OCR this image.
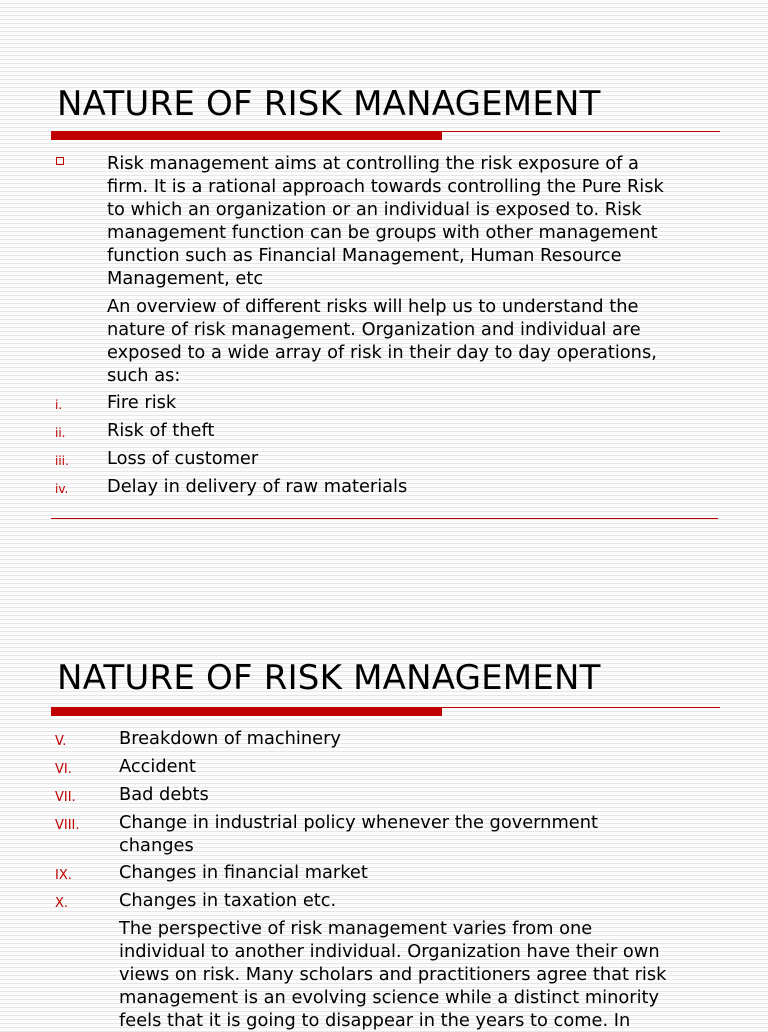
NATURE OF RISK MANAGEMENT

Risk management aims at controlling the risk exposure of a
firm. It is a rational approach towards controlling the Pure Risk
to which an organization or an individual is exposed to. Risk
management function can be groups with other management
function such as Financial Management, Human Resource
Management, etc

An overview of different risks will help us to understand the
nature of risk management. Organization and individual are
exposed to a wide array of risk in their day to day operations,
such as:

i.	Fire risk
ii. Risk of theft
iii. Loss of customer
iv. Delay in delivery of raw materials
NATURE OF RISK MANAGEMENT
V.	Breakdown of machinery
VI.	Accident
VII. Bad debts
VIII. Change in industrial policy whenever the government
changes
IX.	Changes in financial market
X.	Changes in taxation etc.

The perspective of risk management varies from one
individual to another individual. Organization have their own
views on risk. Many scholars and practitioners agree that risk
management is an evolving science while a distinct minority
feels that it is going to disappear in the years to come. In
